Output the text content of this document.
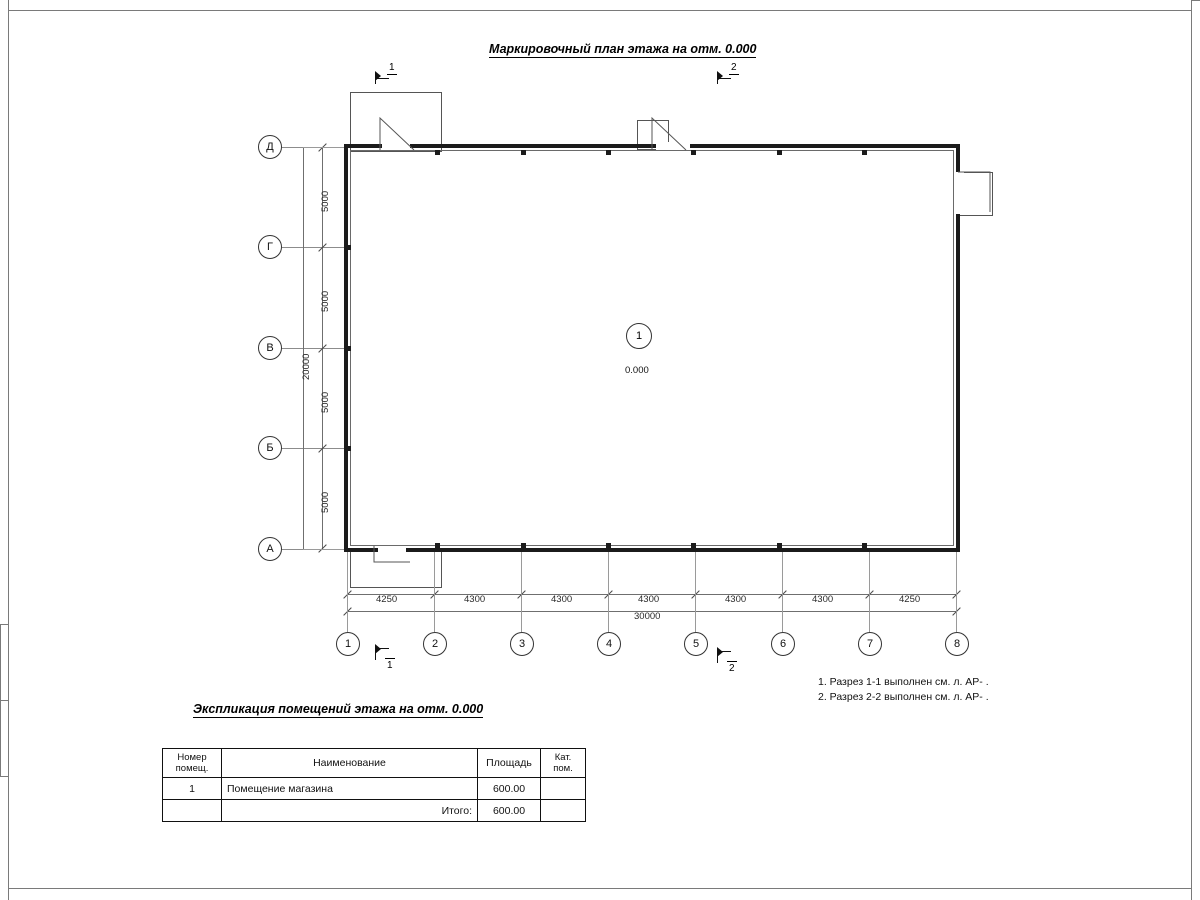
Маркировочный план этажа на отм. 0.000
1	2
1
0.000
Д
Г
В
Б
А
5000
5000
5000
5000
20000
4250	4300	4300	4300	4300	4300	4250
30000
1	2	3	4	5	6	7	8
1	2
1. Разрез 1-1 выполнен см. л. АР- .
2. Разрез 2-2 выполнен см. л. АР- .
Экспликация помещений этажа на отм. 0.000
Номер
помещ.	Наименование	Площадь	Кат.
пом.
1	Помещение магазина	600.00	
	Итого:	600.00	
